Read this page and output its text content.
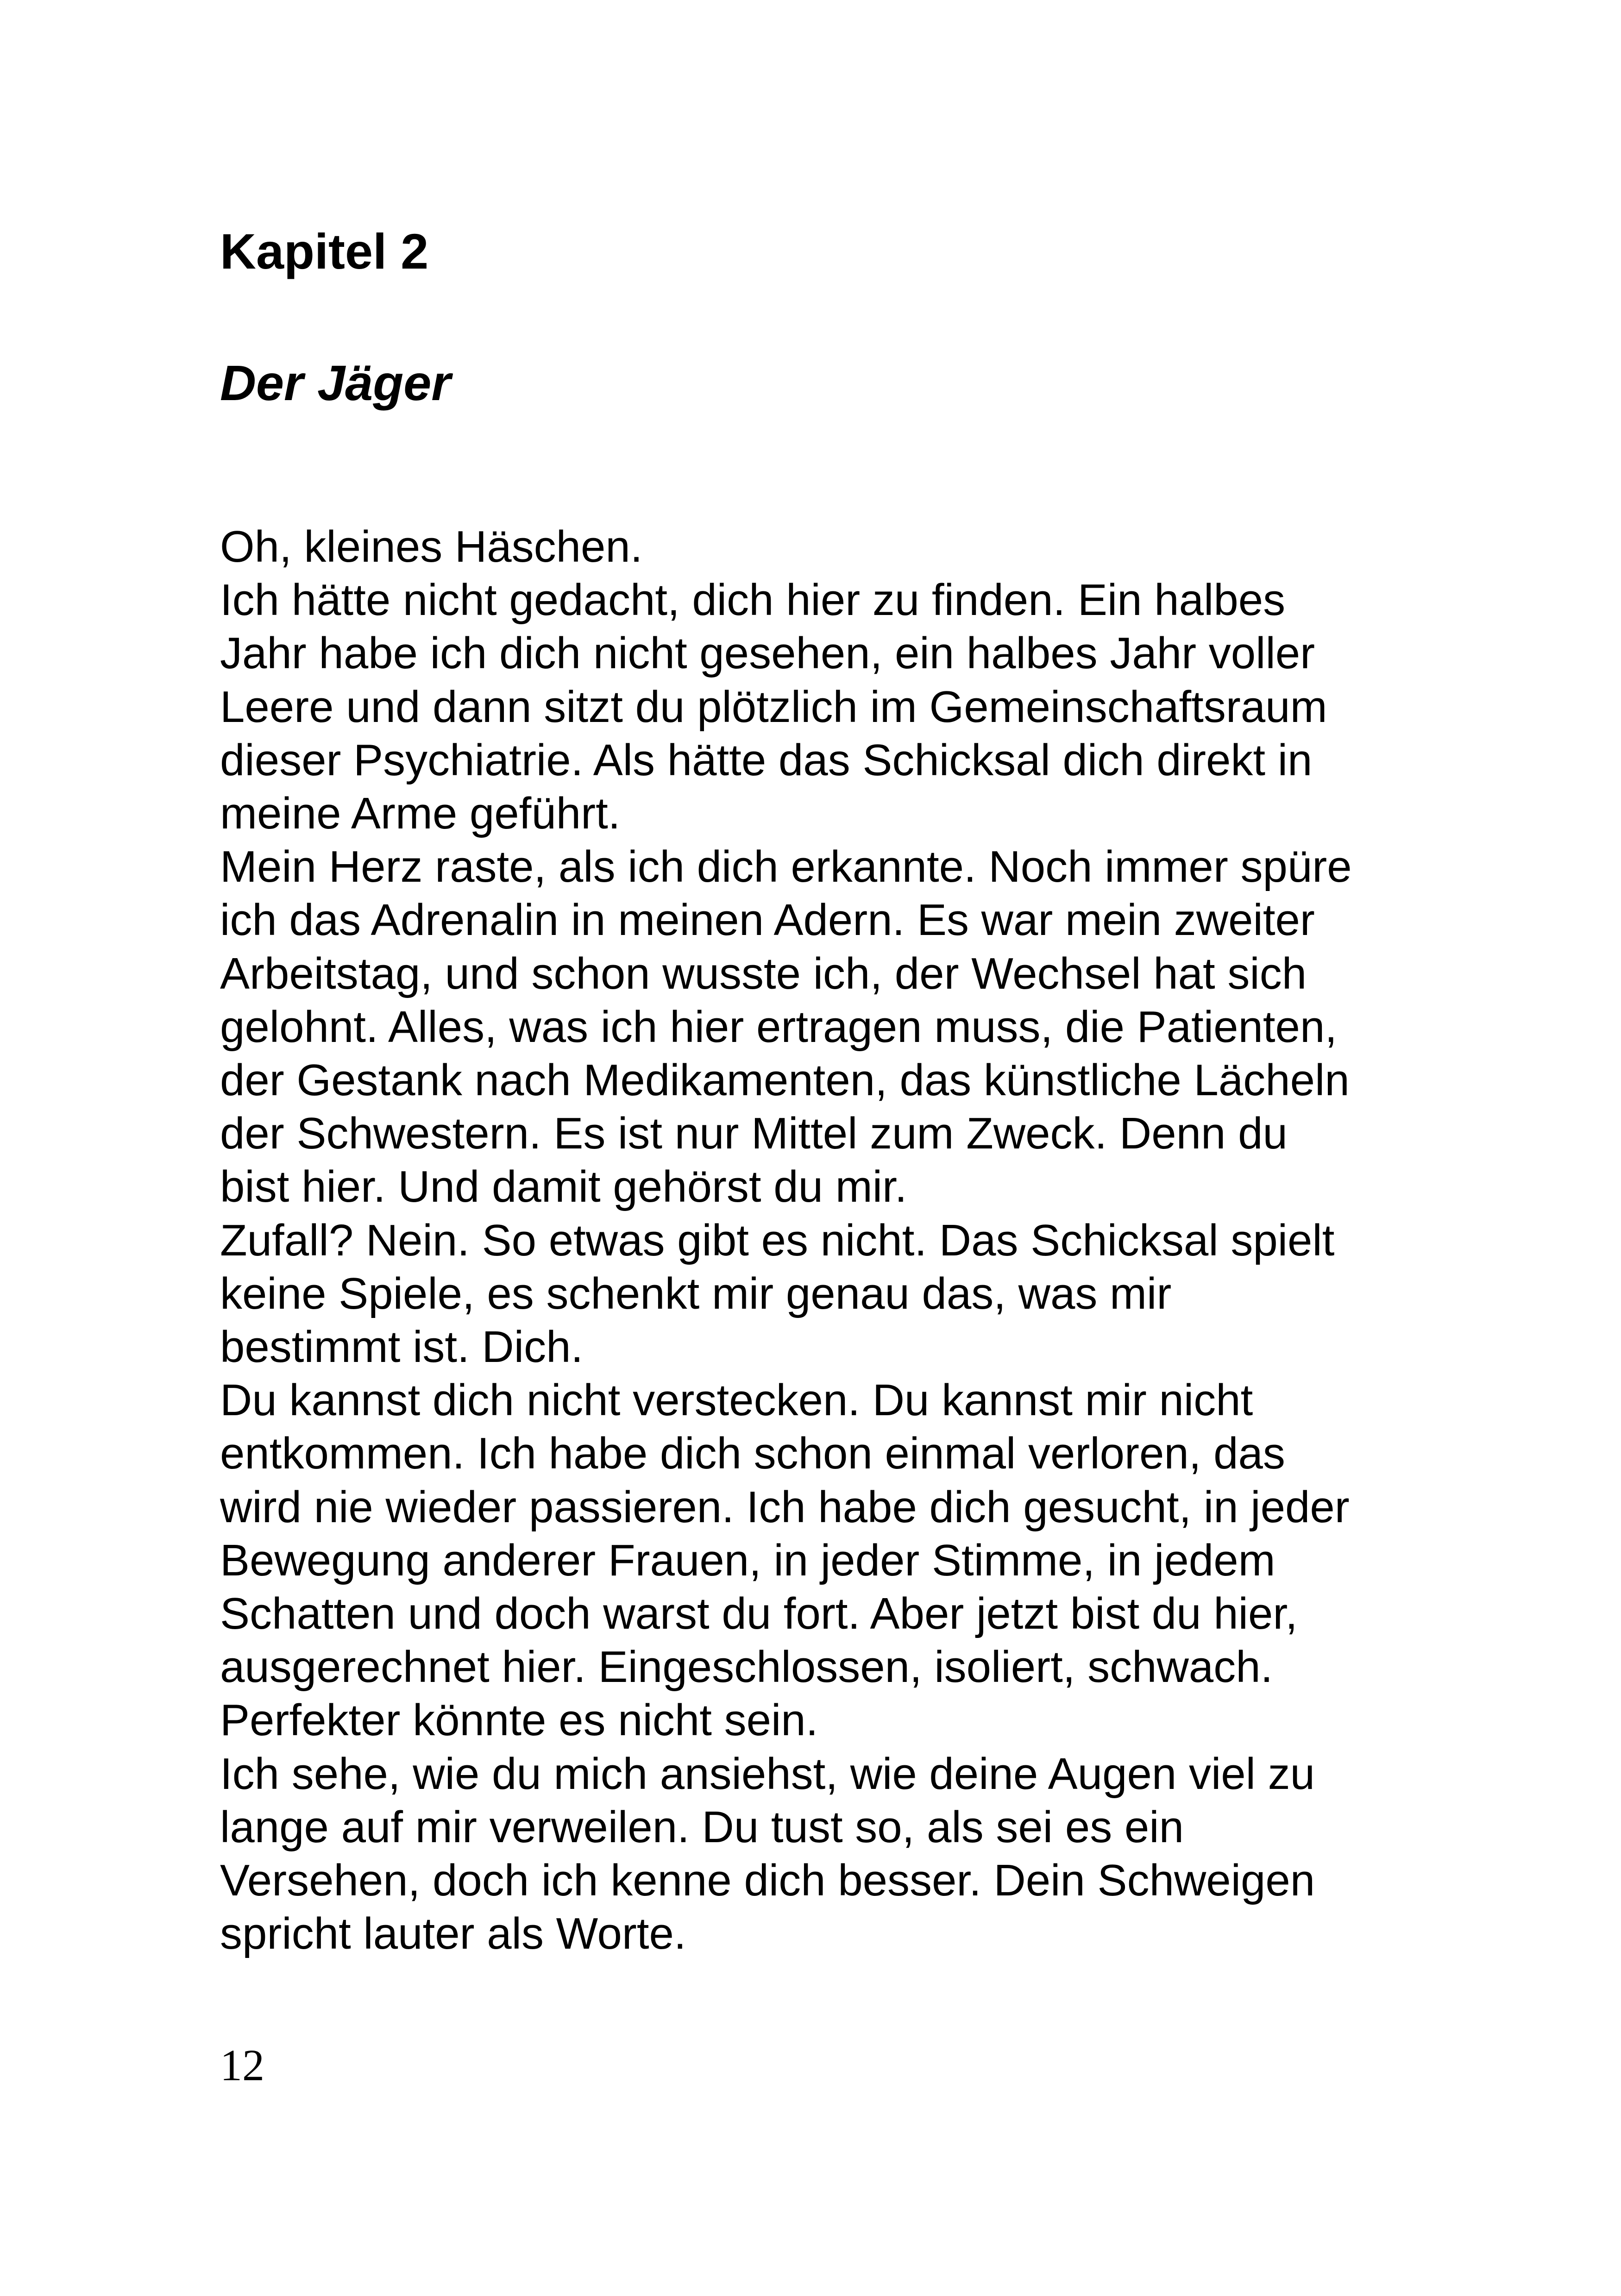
Kapitel 2
Der Jäger
Oh, kleines Häschen.
Ich hätte nicht gedacht, dich hier zu finden. Ein halbes
Jahr habe ich dich nicht gesehen, ein halbes Jahr voller
Leere und dann sitzt du plötzlich im Gemeinschaftsraum
dieser Psychiatrie. Als hätte das Schicksal dich direkt in
meine Arme geführt.
Mein Herz raste, als ich dich erkannte. Noch immer spüre
ich das Adrenalin in meinen Adern. Es war mein zweiter
Arbeitstag, und schon wusste ich, der Wechsel hat sich
gelohnt. Alles, was ich hier ertragen muss, die Patienten,
der Gestank nach Medikamenten, das künstliche Lächeln
der Schwestern. Es ist nur Mittel zum Zweck. Denn du
bist hier. Und damit gehörst du mir.
Zufall? Nein. So etwas gibt es nicht. Das Schicksal spielt
keine Spiele, es schenkt mir genau das, was mir
bestimmt ist. Dich.
Du kannst dich nicht verstecken. Du kannst mir nicht
entkommen. Ich habe dich schon einmal verloren, das
wird nie wieder passieren. Ich habe dich gesucht, in jeder
Bewegung anderer Frauen, in jeder Stimme, in jedem
Schatten und doch warst du fort. Aber jetzt bist du hier,
ausgerechnet hier. Eingeschlossen, isoliert, schwach.
Perfekter könnte es nicht sein.
Ich sehe, wie du mich ansiehst, wie deine Augen viel zu
lange auf mir verweilen. Du tust so, als sei es ein
Versehen, doch ich kenne dich besser. Dein Schweigen
spricht lauter als Worte.
12
